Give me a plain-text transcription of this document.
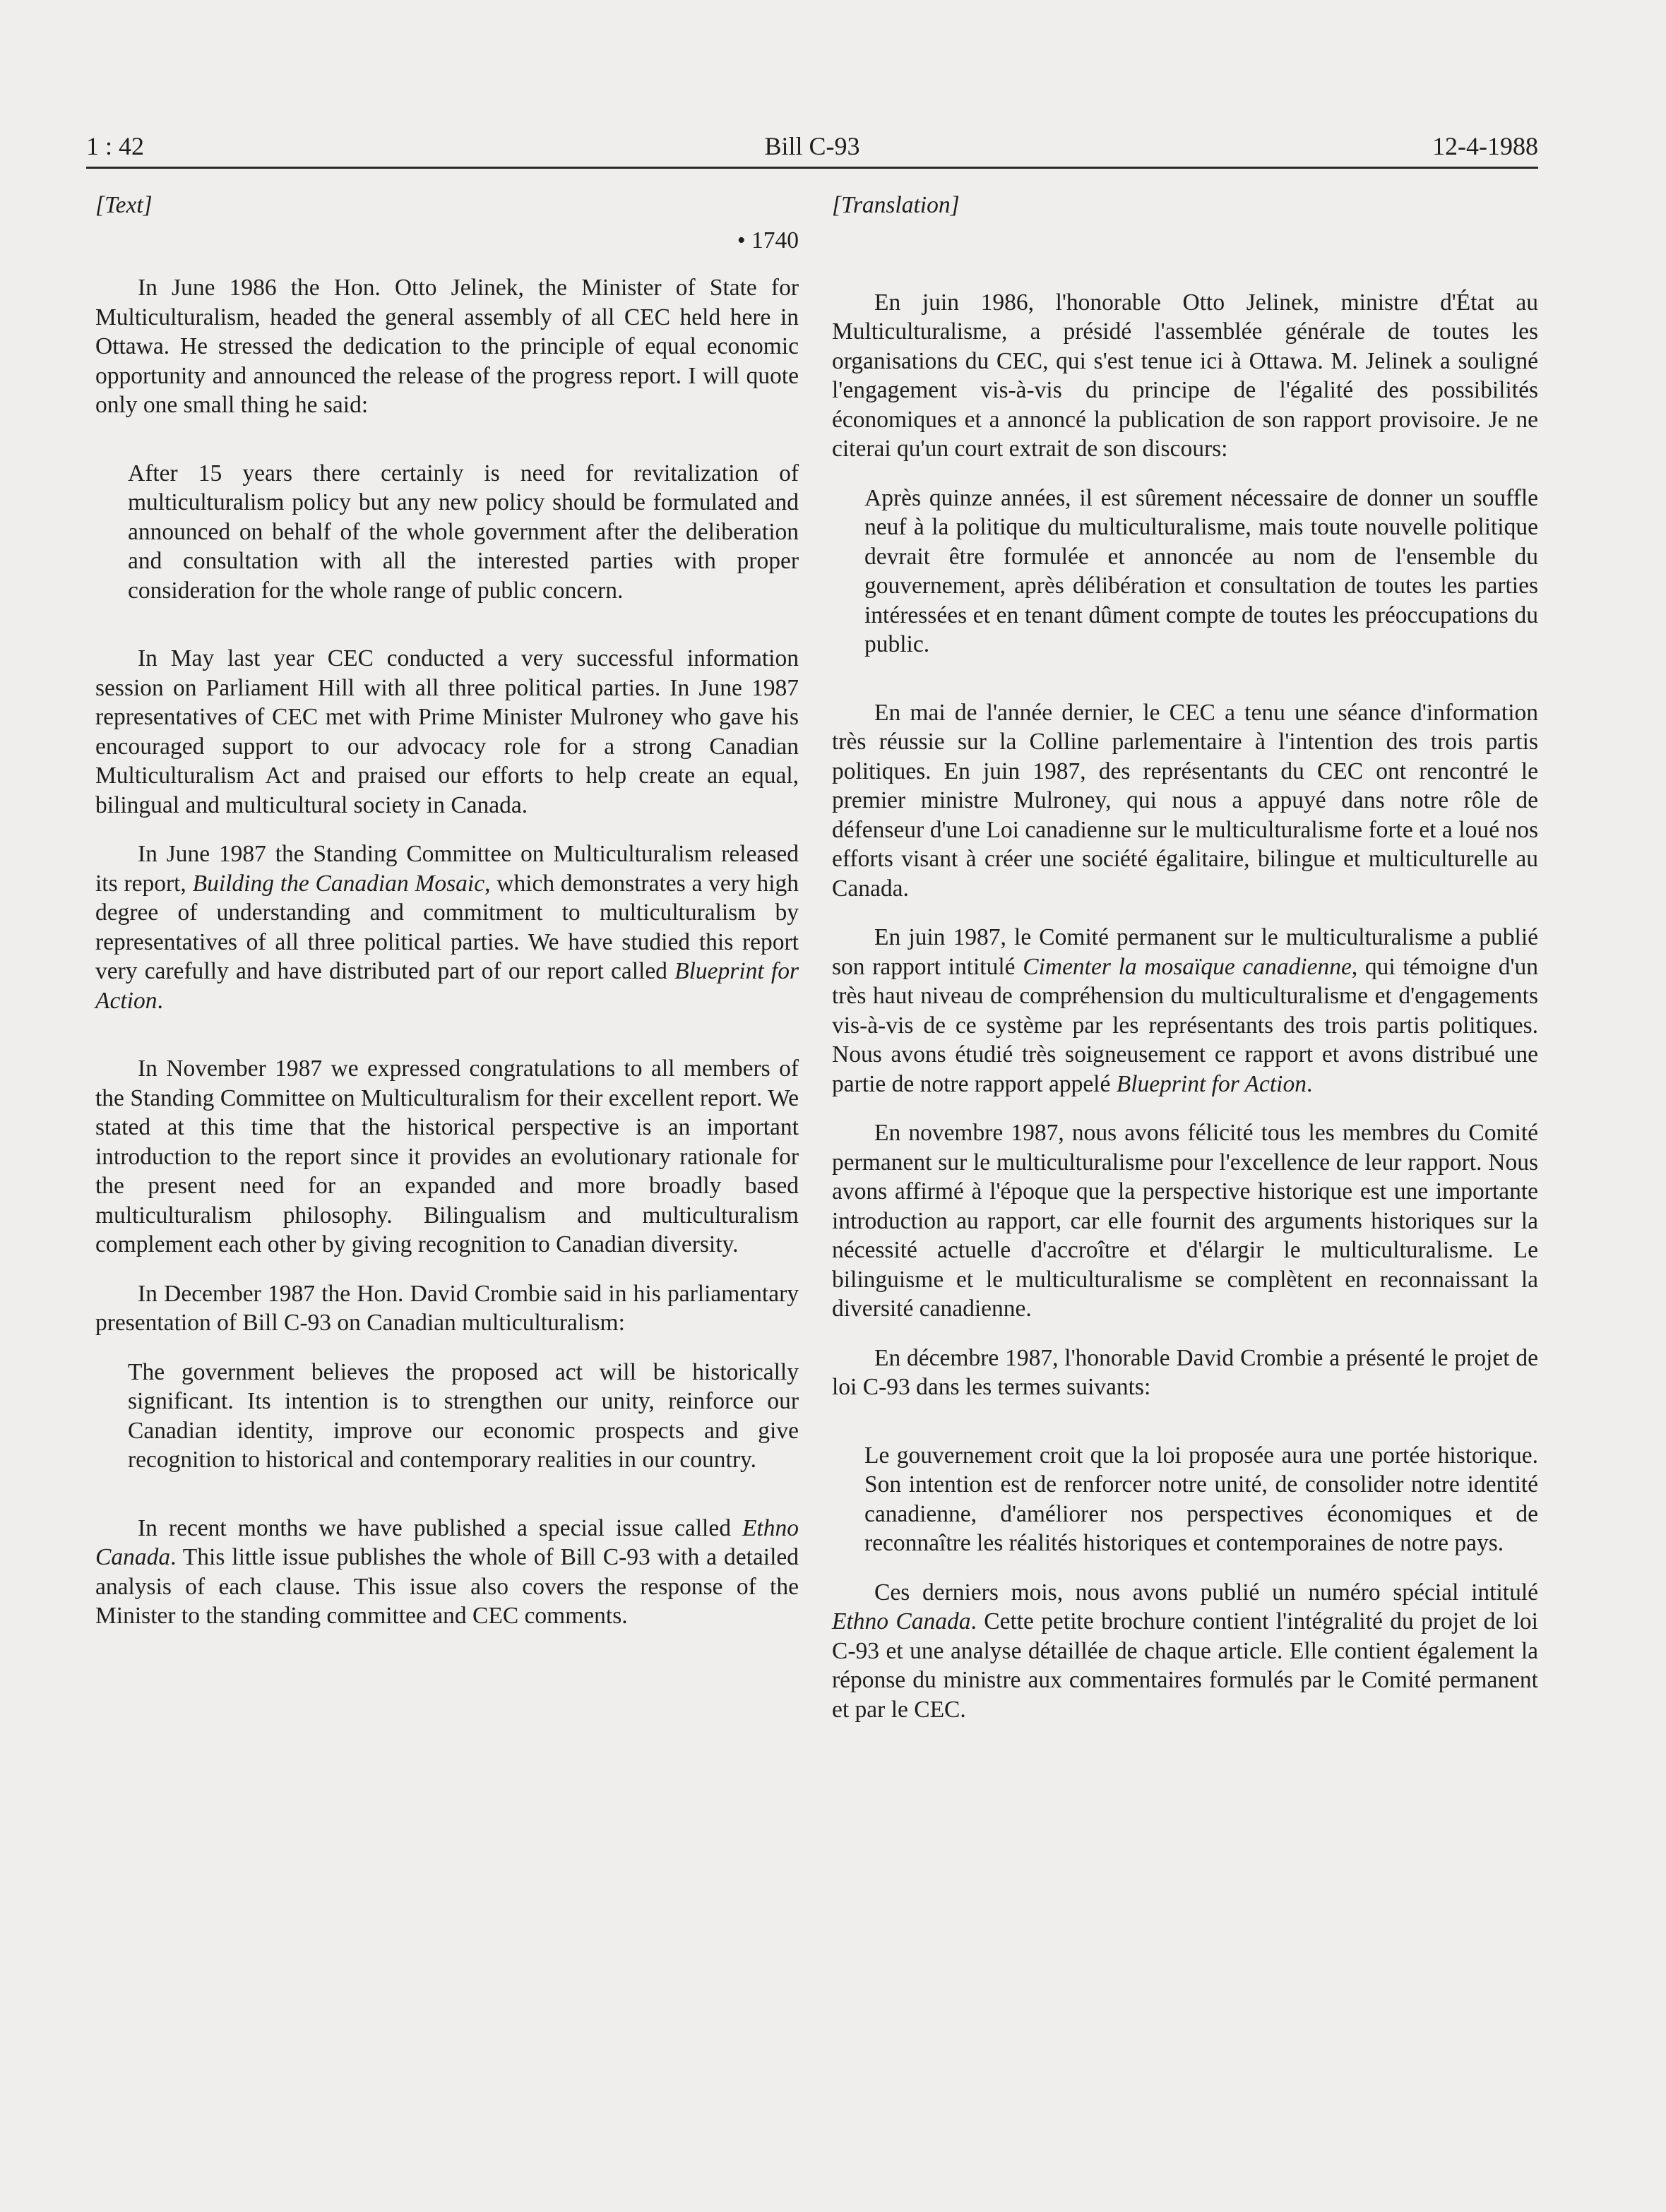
1 : 42	Bill C-93	12-4-1988

[Text]

• 1740

In June 1986 the Hon. Otto Jelinek, the Minister of State for Multiculturalism, headed the general assembly of all CEC held here in Ottawa. He stressed the dedication to the principle of equal economic opportunity and announced the release of the progress report. I will quote only one small thing he said:

After 15 years there certainly is need for revitalization of multiculturalism policy but any new policy should be formulated and announced on behalf of the whole government after the deliberation and consultation with all the interested parties with proper consideration for the whole range of public concern.

In May last year CEC conducted a very successful information session on Parliament Hill with all three political parties. In June 1987 representatives of CEC met with Prime Minister Mulroney who gave his encouraged support to our advocacy role for a strong Canadian Multiculturalism Act and praised our efforts to help create an equal, bilingual and multicultural society in Canada.

In June 1987 the Standing Committee on Multiculturalism released its report, Building the Canadian Mosaic, which demonstrates a very high degree of understanding and commitment to multiculturalism by representatives of all three political parties. We have studied this report very carefully and have distributed part of our report called Blueprint for Action.

In November 1987 we expressed congratulations to all members of the Standing Committee on Multiculturalism for their excellent report. We stated at this time that the historical perspective is an important introduction to the report since it provides an evolutionary rationale for the present need for an expanded and more broadly based multiculturalism philosophy. Bilingualism and multiculturalism complement each other by giving recognition to Canadian diversity.

In December 1987 the Hon. David Crombie said in his parliamentary presentation of Bill C-93 on Canadian multiculturalism:

The government believes the proposed act will be historically significant. Its intention is to strengthen our unity, reinforce our Canadian identity, improve our economic prospects and give recognition to historical and contemporary realities in our country.

In recent months we have published a special issue called Ethno Canada. This little issue publishes the whole of Bill C-93 with a detailed analysis of each clause. This issue also covers the response of the Minister to the standing committee and CEC comments.

[Translation]

En juin 1986, l'honorable Otto Jelinek, ministre d'État au Multiculturalisme, a présidé l'assemblée générale de toutes les organisations du CEC, qui s'est tenue ici à Ottawa. M. Jelinek a souligné l'engagement vis-à-vis du principe de l'égalité des possibilités économiques et a annoncé la publication de son rapport provisoire. Je ne citerai qu'un court extrait de son discours:

Après quinze années, il est sûrement nécessaire de donner un souffle neuf à la politique du multiculturalisme, mais toute nouvelle politique devrait être formulée et annoncée au nom de l'ensemble du gouvernement, après délibération et consultation de toutes les parties intéressées et en tenant dûment compte de toutes les préoccupations du public.

En mai de l'année dernier, le CEC a tenu une séance d'information très réussie sur la Colline parlementaire à l'intention des trois partis politiques. En juin 1987, des représentants du CEC ont rencontré le premier ministre Mulroney, qui nous a appuyé dans notre rôle de défenseur d'une Loi canadienne sur le multiculturalisme forte et a loué nos efforts visant à créer une société égalitaire, bilingue et multiculturelle au Canada.

En juin 1987, le Comité permanent sur le multiculturalisme a publié son rapport intitulé Cimenter la mosaïque canadienne, qui témoigne d'un très haut niveau de compréhension du multiculturalisme et d'engagements vis-à-vis de ce système par les représentants des trois partis politiques. Nous avons étudié très soigneusement ce rapport et avons distribué une partie de notre rapport appelé Blueprint for Action.

En novembre 1987, nous avons félicité tous les membres du Comité permanent sur le multiculturalisme pour l'excellence de leur rapport. Nous avons affirmé à l'époque que la perspective historique est une importante introduction au rapport, car elle fournit des arguments historiques sur la nécessité actuelle d'accroître et d'élargir le multiculturalisme. Le bilinguisme et le multiculturalisme se complètent en reconnaissant la diversité canadienne.

En décembre 1987, l'honorable David Crombie a présenté le projet de loi C-93 dans les termes suivants:

Le gouvernement croit que la loi proposée aura une portée historique. Son intention est de renforcer notre unité, de consolider notre identité canadienne, d'améliorer nos perspectives économiques et de reconnaître les réalités historiques et contemporaines de notre pays.

Ces derniers mois, nous avons publié un numéro spécial intitulé Ethno Canada. Cette petite brochure contient l'intégralité du projet de loi C-93 et une analyse détaillée de chaque article. Elle contient également la réponse du ministre aux commentaires formulés par le Comité permanent et par le CEC.
